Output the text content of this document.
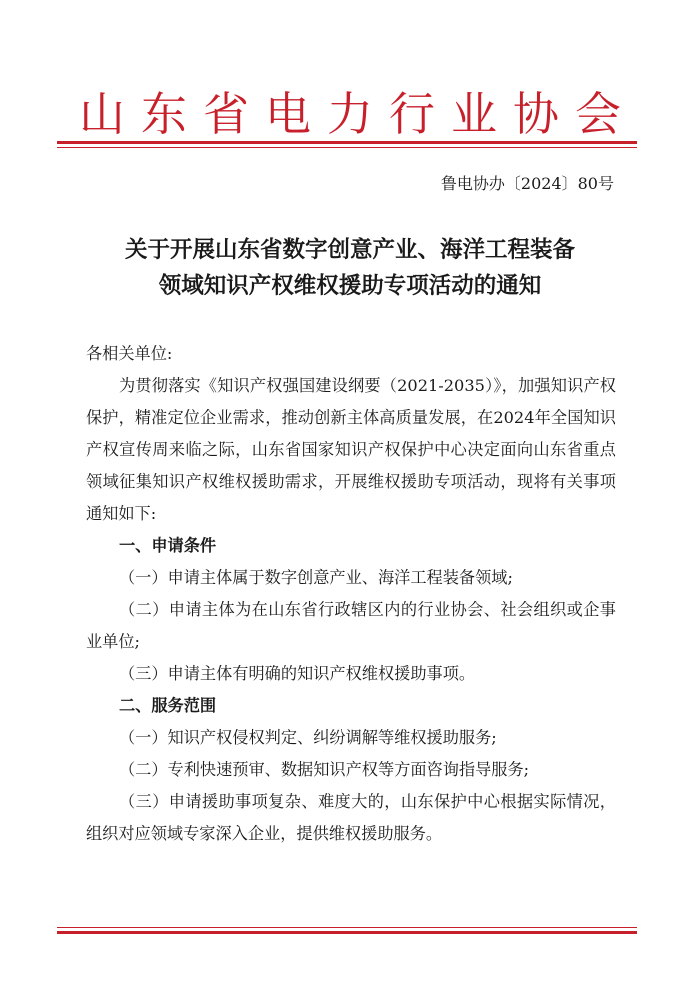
山东省电力行业协会
鲁电协办〔2024〕80号
关于开展山东省数字创意产业、海洋工程装备
领域知识产权维权援助专项活动的通知

各相关单位:

为贯彻落实《知识产权强国建设纲要（2021-2035）》，加强知识产权保护，精准定位企业需求，推动创新主体高质量发展，在2024年全国知识产权宣传周来临之际，山东省国家知识产权保护中心决定面向山东省重点领域征集知识产权维权援助需求，开展维权援助专项活动，现将有关事项通知如下:

一、申请条件

（一）申请主体属于数字创意产业、海洋工程装备领域;

（二）申请主体为在山东省行政辖区内的行业协会、社会组织或企事业单位;

（三）申请主体有明确的知识产权维权援助事项。

二、服务范围

（一）知识产权侵权判定、纠纷调解等维权援助服务;

（二）专利快速预审、数据知识产权等方面咨询指导服务;

（三）申请援助事项复杂、难度大的，山东保护中心根据实际情况，组织对应领域专家深入企业，提供维权援助服务。
